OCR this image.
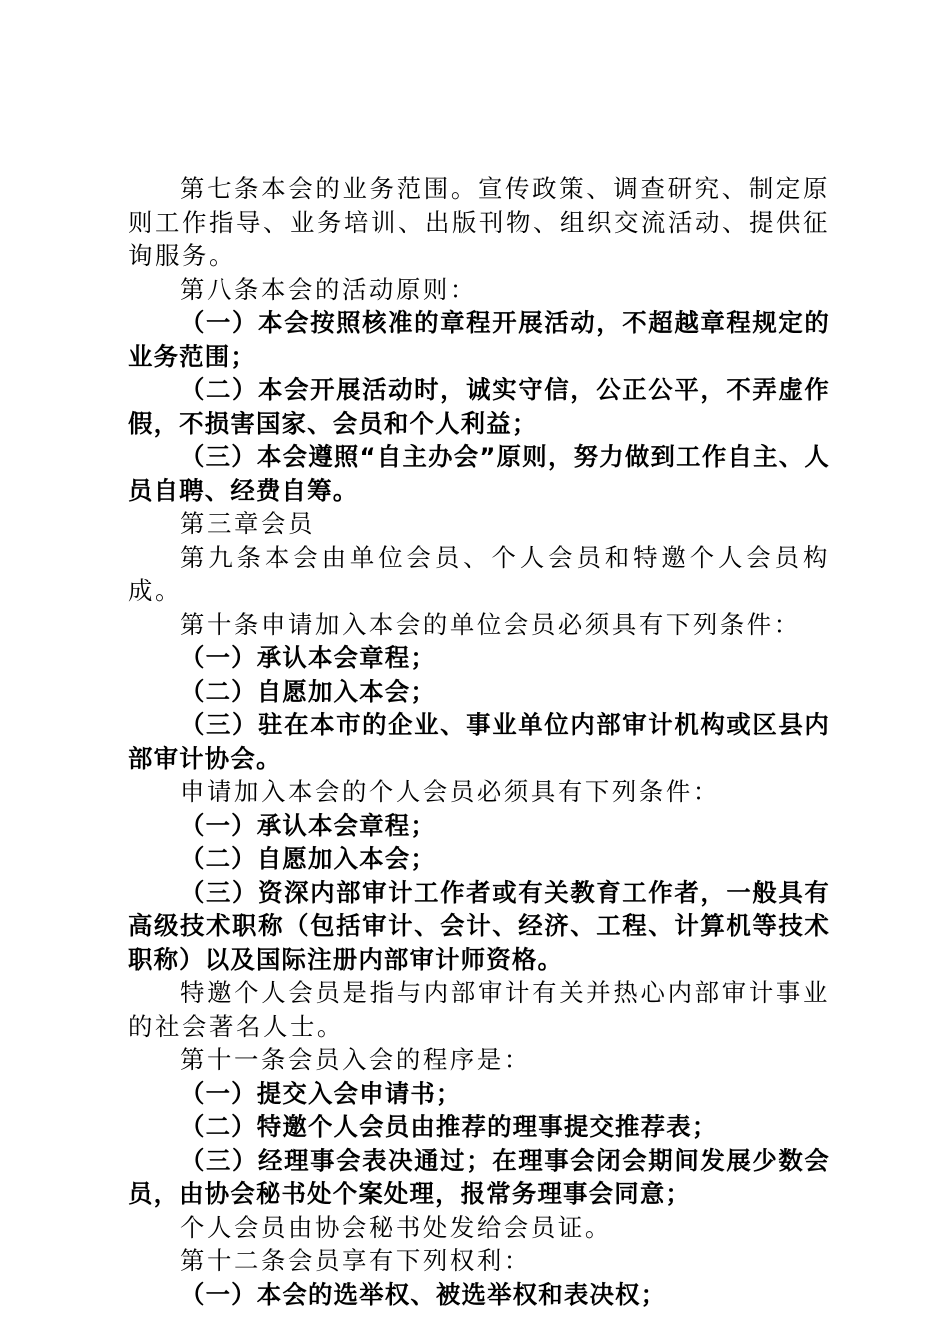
第七条本会的业务范围。宣传政策、调查研究、制定原则工作指导、业务培训、出版刊物、组织交流活动、提供征询服务。

第八条本会的活动原则：

（一）本会按照核准的章程开展活动，不超越章程规定的业务范围；

（二）本会开展活动时，诚实守信，公正公平，不弄虚作假，不损害国家、会员和个人利益；

（三）本会遵照“自主办会”原则，努力做到工作自主、人员自聘、经费自筹。

第三章会员

第九条本会由单位会员、个人会员和特邀个人会员构成。

第十条申请加入本会的单位会员必须具有下列条件：

（一）承认本会章程；

（二）自愿加入本会；

（三）驻在本市的企业、事业单位内部审计机构或区县内部审计协会。

申请加入本会的个人会员必须具有下列条件：

（一）承认本会章程；

（二）自愿加入本会；

（三）资深内部审计工作者或有关教育工作者，一般具有高级技术职称（包括审计、会计、经济、工程、计算机等技术职称）以及国际注册内部审计师资格。

特邀个人会员是指与内部审计有关并热心内部审计事业的社会著名人士。

第十一条会员入会的程序是：

（一）提交入会申请书；

（二）特邀个人会员由推荐的理事提交推荐表；

（三）经理事会表决通过；在理事会闭会期间发展少数会员，由协会秘书处个案处理，报常务理事会同意；

个人会员由协会秘书处发给会员证。

第十二条会员享有下列权利：

（一）本会的选举权、被选举权和表决权；
